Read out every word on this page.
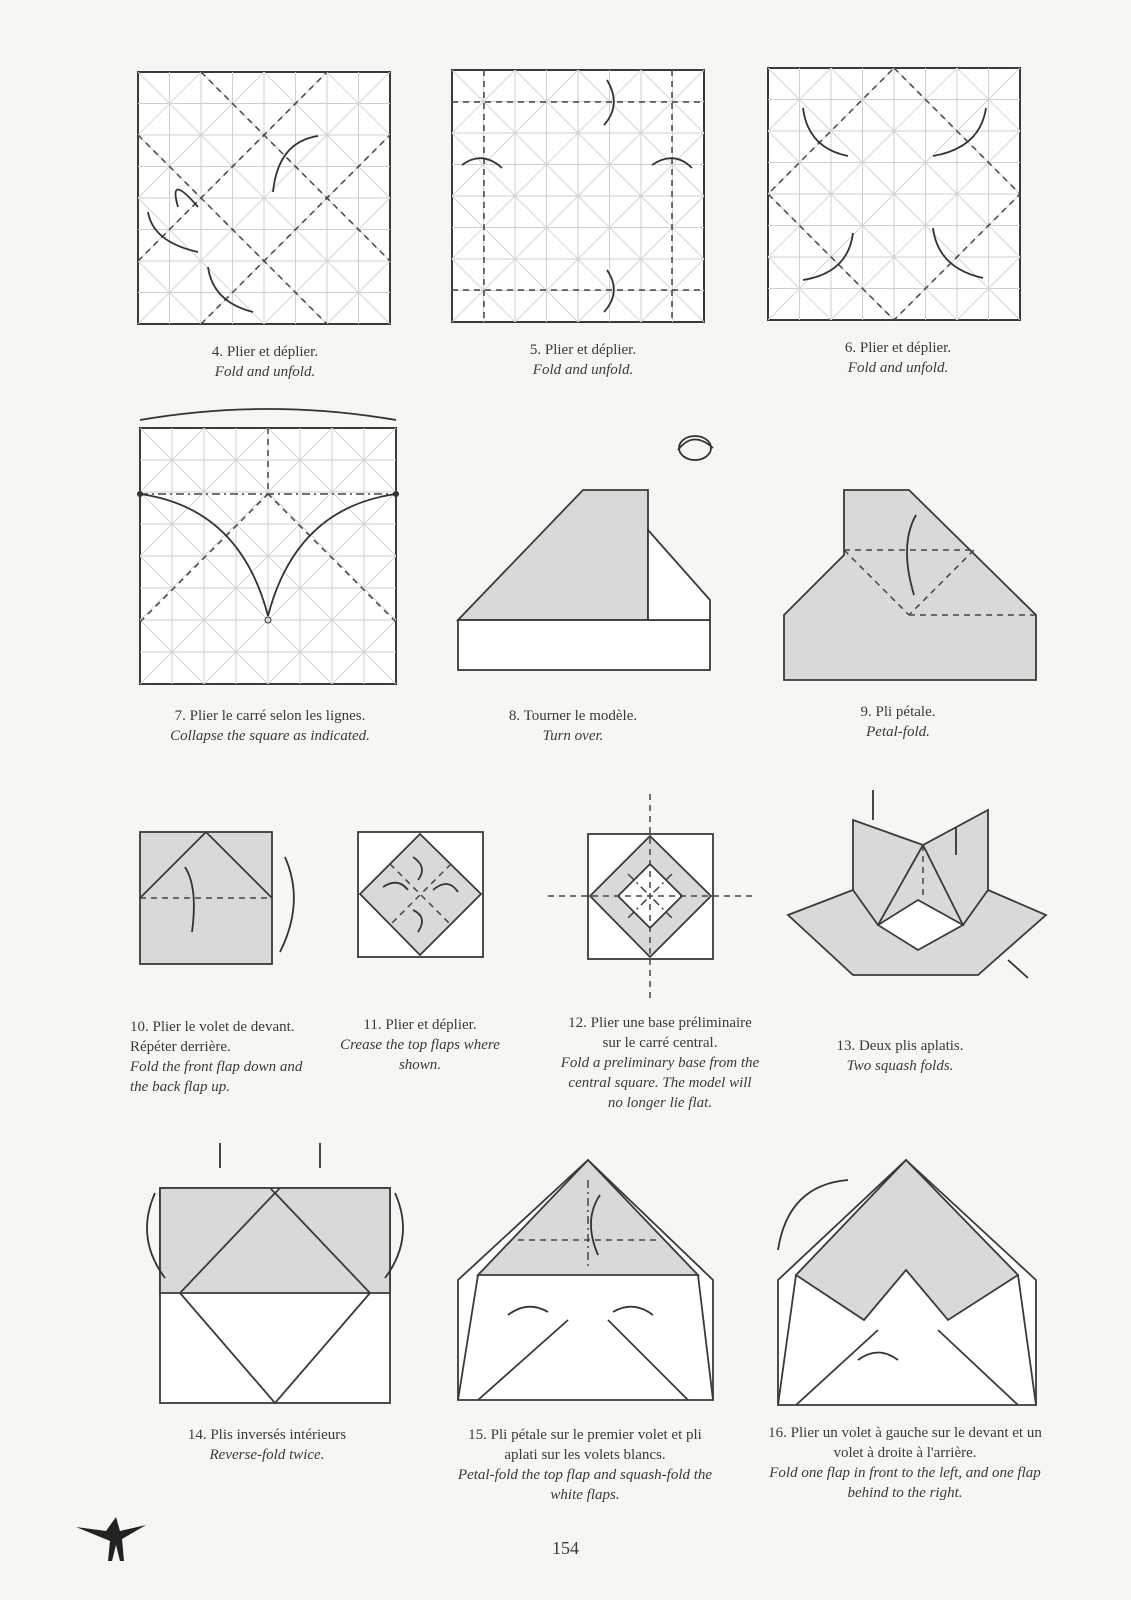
4. Plier et déplier.
Fold and unfold.
5. Plier et déplier.
Fold and unfold.
6. Plier et déplier.
Fold and unfold.
7. Plier le carré selon les lignes.
Collapse the square as indicated.
8. Tourner le modèle.
Turn over.
9. Pli pétale.
Petal-fold.
10. Plier le volet de devant. Répéter derrière.
Fold the front flap down and the back flap up.
11. Plier et déplier.
Crease the top flaps where shown.
12. Plier une base préliminaire sur le carré central.
Fold a preliminary base from the central square. The model will no longer lie flat.
13. Deux plis aplatis.
Two squash folds.
14. Plis inversés intérieurs
Reverse-fold twice.
15. Pli pétale sur le premier volet et pli aplati sur les volets blancs.
Petal-fold the top flap and squash-fold the white flaps.
16. Plier un volet à gauche sur le devant et un volet à droite à l'arrière.
Fold one flap in front to the left, and one flap behind to the right.
154
